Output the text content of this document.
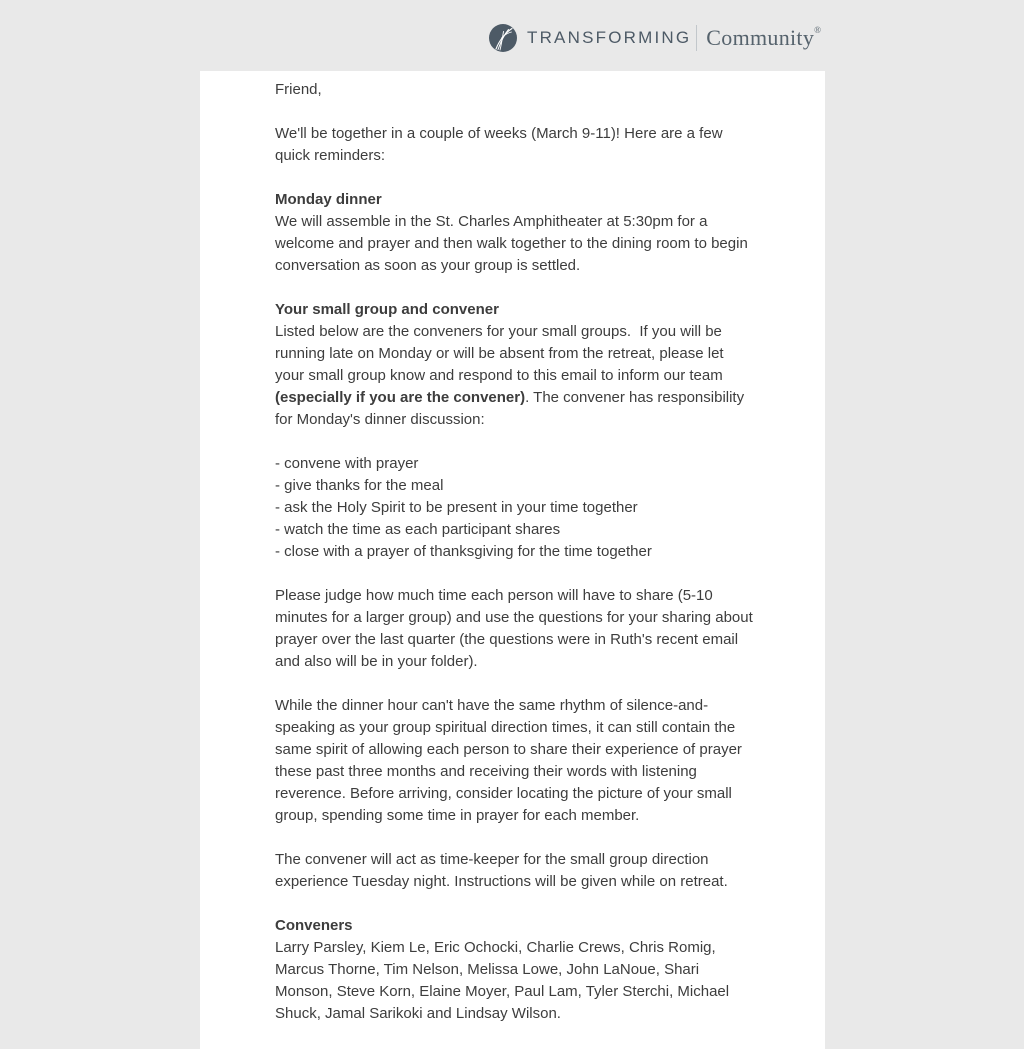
TRANSFORMING Community ®

Friend,

We'll be together in a couple of weeks (March 9-11)! Here are a few quick reminders:

Monday dinner
We will assemble in the St. Charles Amphitheater at 5:30pm for a welcome and prayer and then walk together to the dining room to begin conversation as soon as your group is settled.

Your small group and convener
Listed below are the conveners for your small groups.  If you will be running late on Monday or will be absent from the retreat, please let your small group know and respond to this email to inform our team (especially if you are the convener). The convener has responsibility for Monday's dinner discussion:

- convene with prayer
- give thanks for the meal
- ask the Holy Spirit to be present in your time together
- watch the time as each participant shares
- close with a prayer of thanksgiving for the time together

Please judge how much time each person will have to share (5-10 minutes for a larger group) and use the questions for your sharing about prayer over the last quarter (the questions were in Ruth's recent email and also will be in your folder).

While the dinner hour can't have the same rhythm of silence-and-speaking as your group spiritual direction times, it can still contain the same spirit of allowing each person to share their experience of prayer these past three months and receiving their words with listening reverence. Before arriving, consider locating the picture of your small group, spending some time in prayer for each member.

The convener will act as time-keeper for the small group direction experience Tuesday night. Instructions will be given while on retreat.

Conveners
Larry Parsley, Kiem Le, Eric Ochocki, Charlie Crews, Chris Romig, Marcus Thorne, Tim Nelson, Melissa Lowe, John LaNoue, Shari Monson, Steve Korn, Elaine Moyer, Paul Lam, Tyler Sterchi, Michael Shuck, Jamal Sarikoki and Lindsay Wilson.
